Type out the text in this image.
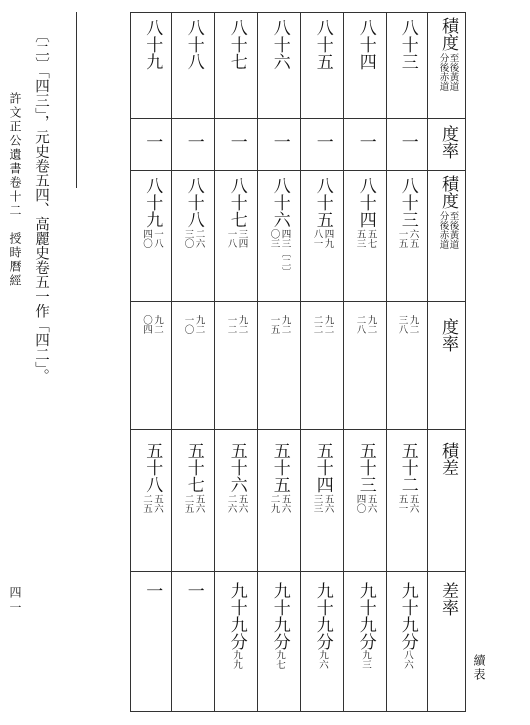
〔二〕「四三」，元史卷五四、高麗史卷五一作「四二」。
許文正公遺書卷十二　授時曆經
四一
續表
積度
分後赤道 至後黃道
度率
積度
分後赤道 至後黃道
度率
積差
差率
八十三
一
八十三
六五
一五
九二
三八
五十二
五六
五一
九十九分
八六
八十四
一
八十四
五七
五三
九二
二八
五十三
五六
四〇
九十九分
九三
八十五
一
八十五
四九
八一
九二
二二
五十四
五六
三三
九十九分
九六
八十六
一
八十六
四三〔二〕
〇三
九二
一五
五十五
五六
二九
九十九分
九七
八十七
一
八十七
三四
一八
九二
一二
五十六
五六
二六
九十九分
九九
八十八
一
八十八
二六
三〇
九二
一〇
五十七
五六
二五
一
八十九
一
八十九
一八
四〇
九二
〇四
五十八
五六
二五
一
